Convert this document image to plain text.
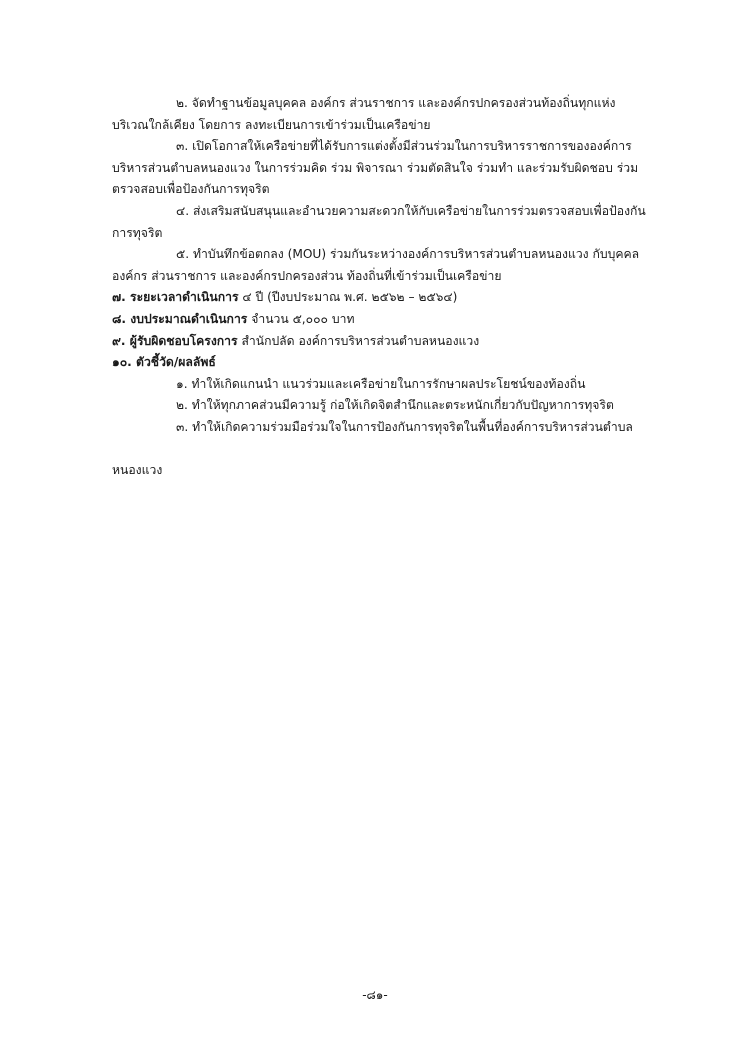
๒. จัดทำฐานข้อมูลบุคคล องค์กร ส่วนราชการ และองค์กรปกครองส่วนท้องถิ่นทุกแห่ง
บริเวณใกล้เคียง โดยการ ลงทะเบียนการเข้าร่วมเป็นเครือข่าย
๓. เปิดโอกาสให้เครือข่ายที่ได้รับการแต่งตั้งมีส่วนร่วมในการบริหารราชการขององค์การ
บริหารส่วนตำบลหนองแวง ในการร่วมคิด ร่วม พิจารณา ร่วมตัดสินใจ ร่วมทำ และร่วมรับผิดชอบ ร่วม
ตรวจสอบเพื่อป้องกันการทุจริต
๔. ส่งเสริมสนับสนุนและอำนวยความสะดวกให้กับเครือข่ายในการร่วมตรวจสอบเพื่อป้องกัน
การทุจริต
๕. ทำบันทึกข้อตกลง (MOU) ร่วมกันระหว่างองค์การบริหารส่วนตำบลหนองแวง กับบุคคล
องค์กร ส่วนราชการ และองค์กรปกครองส่วน ท้องถิ่นที่เข้าร่วมเป็นเครือข่าย
๗. ระยะเวลาดำเนินการ ๔ ปี (ปีงบประมาณ พ.ศ. ๒๕๖๒ – ๒๕๖๔)
๘. งบประมาณดำเนินการ จำนวน ๕,๐๐๐ บาท
๙. ผู้รับผิดชอบโครงการ สำนักปลัด องค์การบริหารส่วนตำบลหนองแวง
๑๐. ตัวชี้วัด/ผลลัพธ์
๑. ทำให้เกิดแกนนำ แนวร่วมและเครือข่ายในการรักษาผลประโยชน์ของท้องถิ่น
๒. ทำให้ทุกภาคส่วนมีความรู้ ก่อให้เกิดจิตสำนึกและตระหนักเกี่ยวกับปัญหาการทุจริต
๓. ทำให้เกิดความร่วมมือร่วมใจในการป้องกันการทุจริตในพื้นที่องค์การบริหารส่วนตำบล
หนองแวง
-๘๑-
